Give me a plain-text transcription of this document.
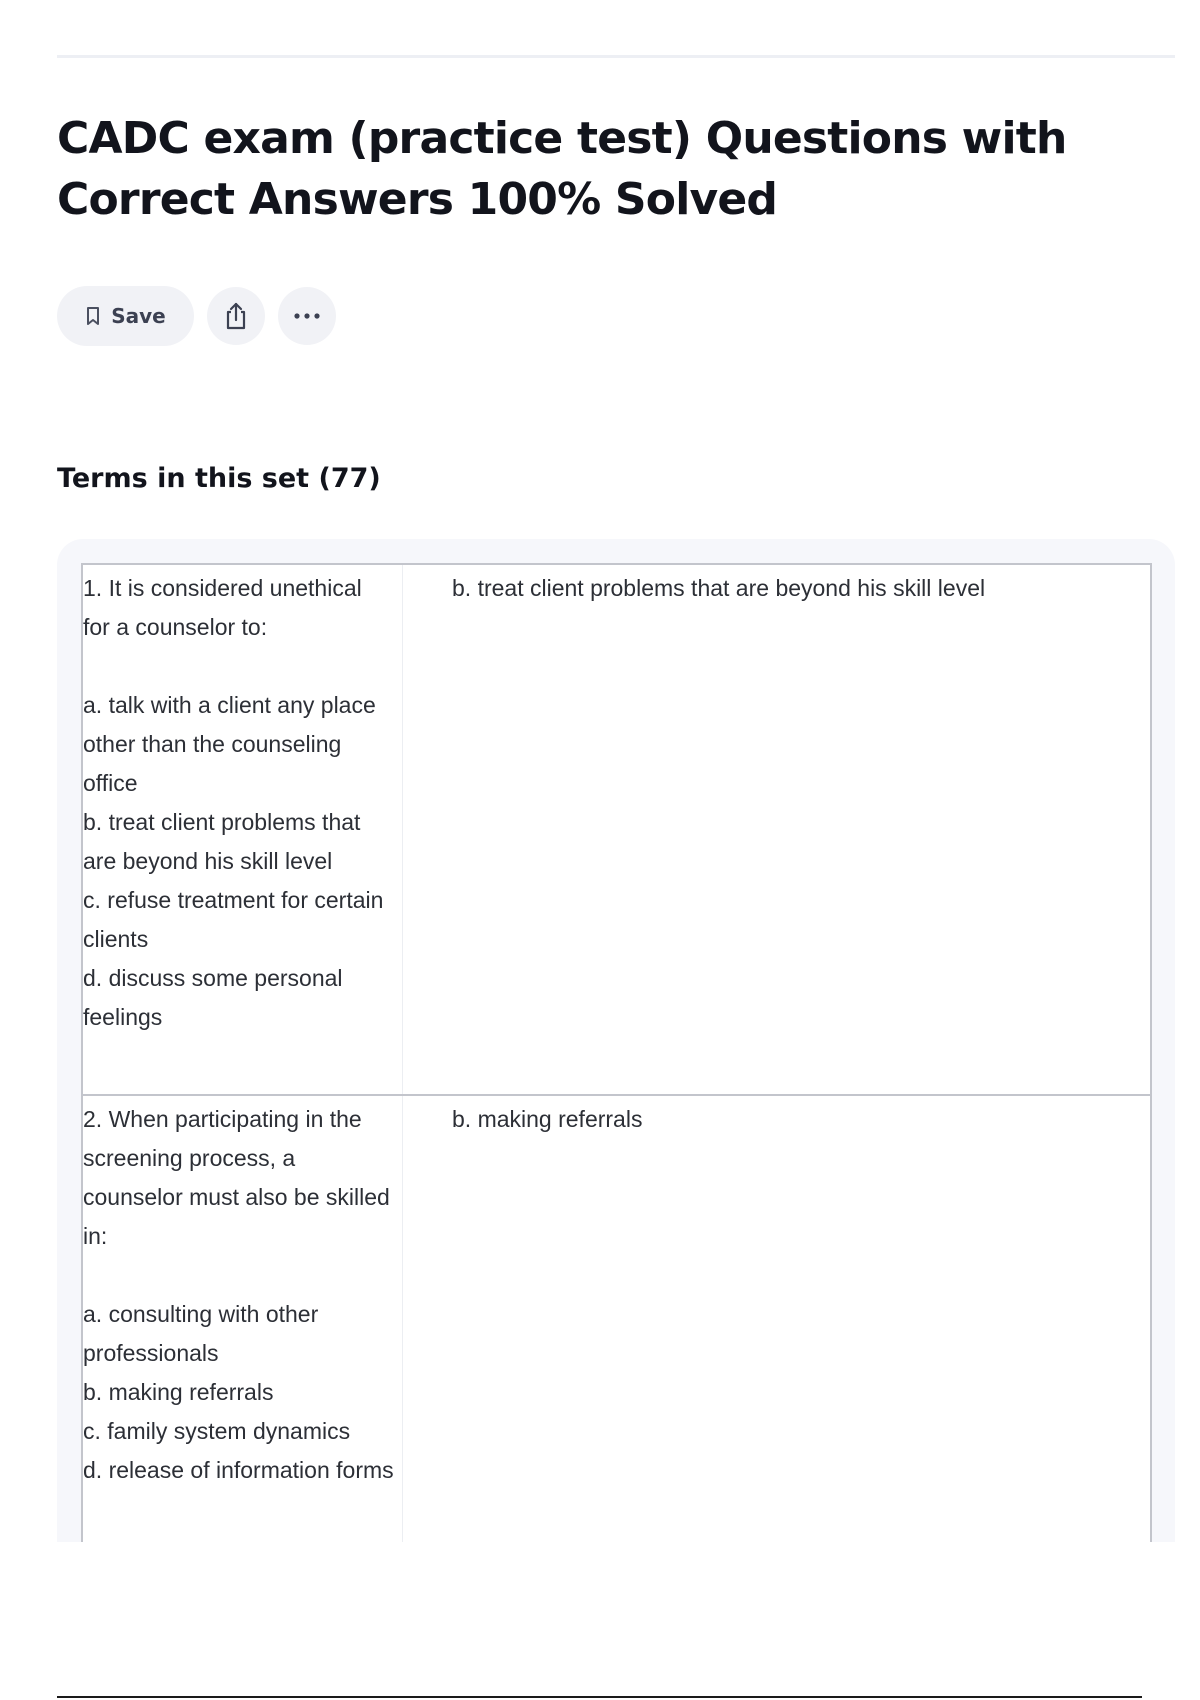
CADC exam (practice test) Questions with Correct Answers 100% Solved
Save
Terms in this set (77)
1. It is considered unethical for a counselor to:

a. talk with a client any place other than the counseling office
b. treat client problems that are beyond his skill level
c. refuse treatment for certain clients
d. discuss some personal feelings
b. treat client problems that are beyond his skill level
2. When participating in the screening process, a counselor must also be skilled in:

a. consulting with other professionals
b. making referrals
c. family system dynamics
d. release of information forms
b. making referrals
